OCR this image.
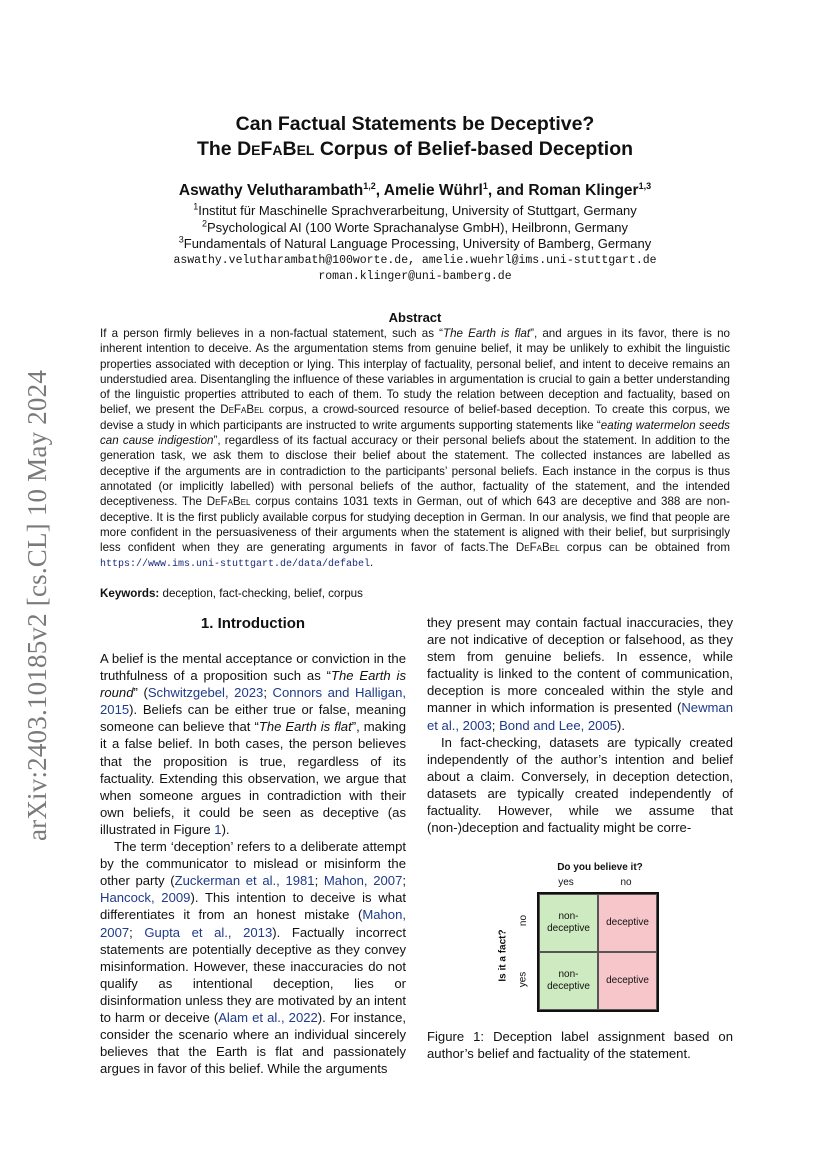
arXiv:2403.10185v2 [cs.CL] 10 May 2024
Can Factual Statements be Deceptive?
The DeFaBel Corpus of Belief-based Deception
Aswathy Velutharambath$^{1,2}$, Amelie Wührl$^1$, and Roman Klinger$^{1,3}$
$^1$Institut für Maschinelle Sprachverarbeitung, University of Stuttgart, Germany
$^2$Psychological AI (100 Worte Sprachanalyse GmbH), Heilbronn, Germany
$^3$Fundamentals of Natural Language Processing, University of Bamberg, Germany
aswathy.velutharambath@100worte.de, amelie.wuehrl@ims.uni-stuttgart.de
roman.klinger@uni-bamberg.de
Abstract

If a person firmly believes in a non-factual statement, such as “The Earth is flat”, and argues in its favor, there is no inherent intention to deceive. As the argumentation stems from genuine belief, it may be unlikely to exhibit the linguistic properties associated with deception or lying. This interplay of factuality, personal belief, and intent to deceive remains an understudied area. Disentangling the influence of these variables in argumentation is crucial to gain a better understanding of the linguistic properties attributed to each of them. To study the relation between deception and factuality, based on belief, we present the DeFaBel corpus, a crowd-sourced resource of belief-based deception. To create this corpus, we devise a study in which participants are instructed to write arguments supporting statements like “eating watermelon seeds can cause indigestion”, regardless of its factual accuracy or their personal beliefs about the statement. In addition to the generation task, we ask them to disclose their belief about the statement. The collected instances are labelled as deceptive if the arguments are in contradiction to the participants’ personal beliefs. Each instance in the corpus is thus annotated (or implicitly labelled) with personal beliefs of the author, factuality of the statement, and the intended deceptiveness. The DeFaBel corpus contains 1031 texts in German, out of which 643 are deceptive and 388 are non-deceptive. It is the first publicly available corpus for studying deception in German. In our analysis, we find that people are more confident in the persuasiveness of their arguments when the statement is aligned with their belief, but surprisingly less confident when they are generating arguments in favor of facts.The DeFaBel corpus can be obtained from https://www.ims.uni-stuttgart.de/data/defabel.

Keywords: deception, fact-checking, belief, corpus
1. Introduction

A belief is the mental acceptance or conviction in the truthfulness of a proposition such as “The Earth is round” (Schwitzgebel, 2023; Connors and Halligan, 2015). Beliefs can be either true or false, meaning someone can believe that “The Earth is flat”, making it a false belief. In both cases, the person believes that the proposition is true, regardless of its factuality. Extending this observation, we argue that when someone argues in contradiction with their own beliefs, it could be seen as deceptive (as illustrated in Figure 1).

The term ‘deception’ refers to a deliberate attempt by the communicator to mislead or misinform the other party (Zuckerman et al., 1981; Mahon, 2007; Hancock, 2009). This intention to deceive is what differentiates it from an honest mistake (Mahon, 2007; Gupta et al., 2013). Factually incorrect statements are potentially deceptive as they convey misinformation. However, these inaccuracies do not qualify as intentional deception, lies or disinformation unless they are motivated by an intent to harm or deceive (Alam et al., 2022). For instance, consider the scenario where an individual sincerely believes that the Earth is flat and passionately argues in favor of this belief. While the arguments

they present may contain factual inaccuracies, they are not indicative of deception or falsehood, as they stem from genuine beliefs. In essence, while factuality is linked to the content of communication, deception is more concealed within the style and manner in which information is presented (Newman et al., 2003; Bond and Lee, 2005).

In fact-checking, datasets are typically created independently of the author’s intention and belief about a claim. Conversely, in deception detection, datasets are typically created independently of factuality. However, while we assume that (non-)deception and factuality might be corre-

Do you believe it?
yes	no
Is it a fact?
no
yes
non-deceptive
deceptive
non-deceptive
deceptive
Figure 1: Deception label assignment based on author’s belief and factuality of the statement.
